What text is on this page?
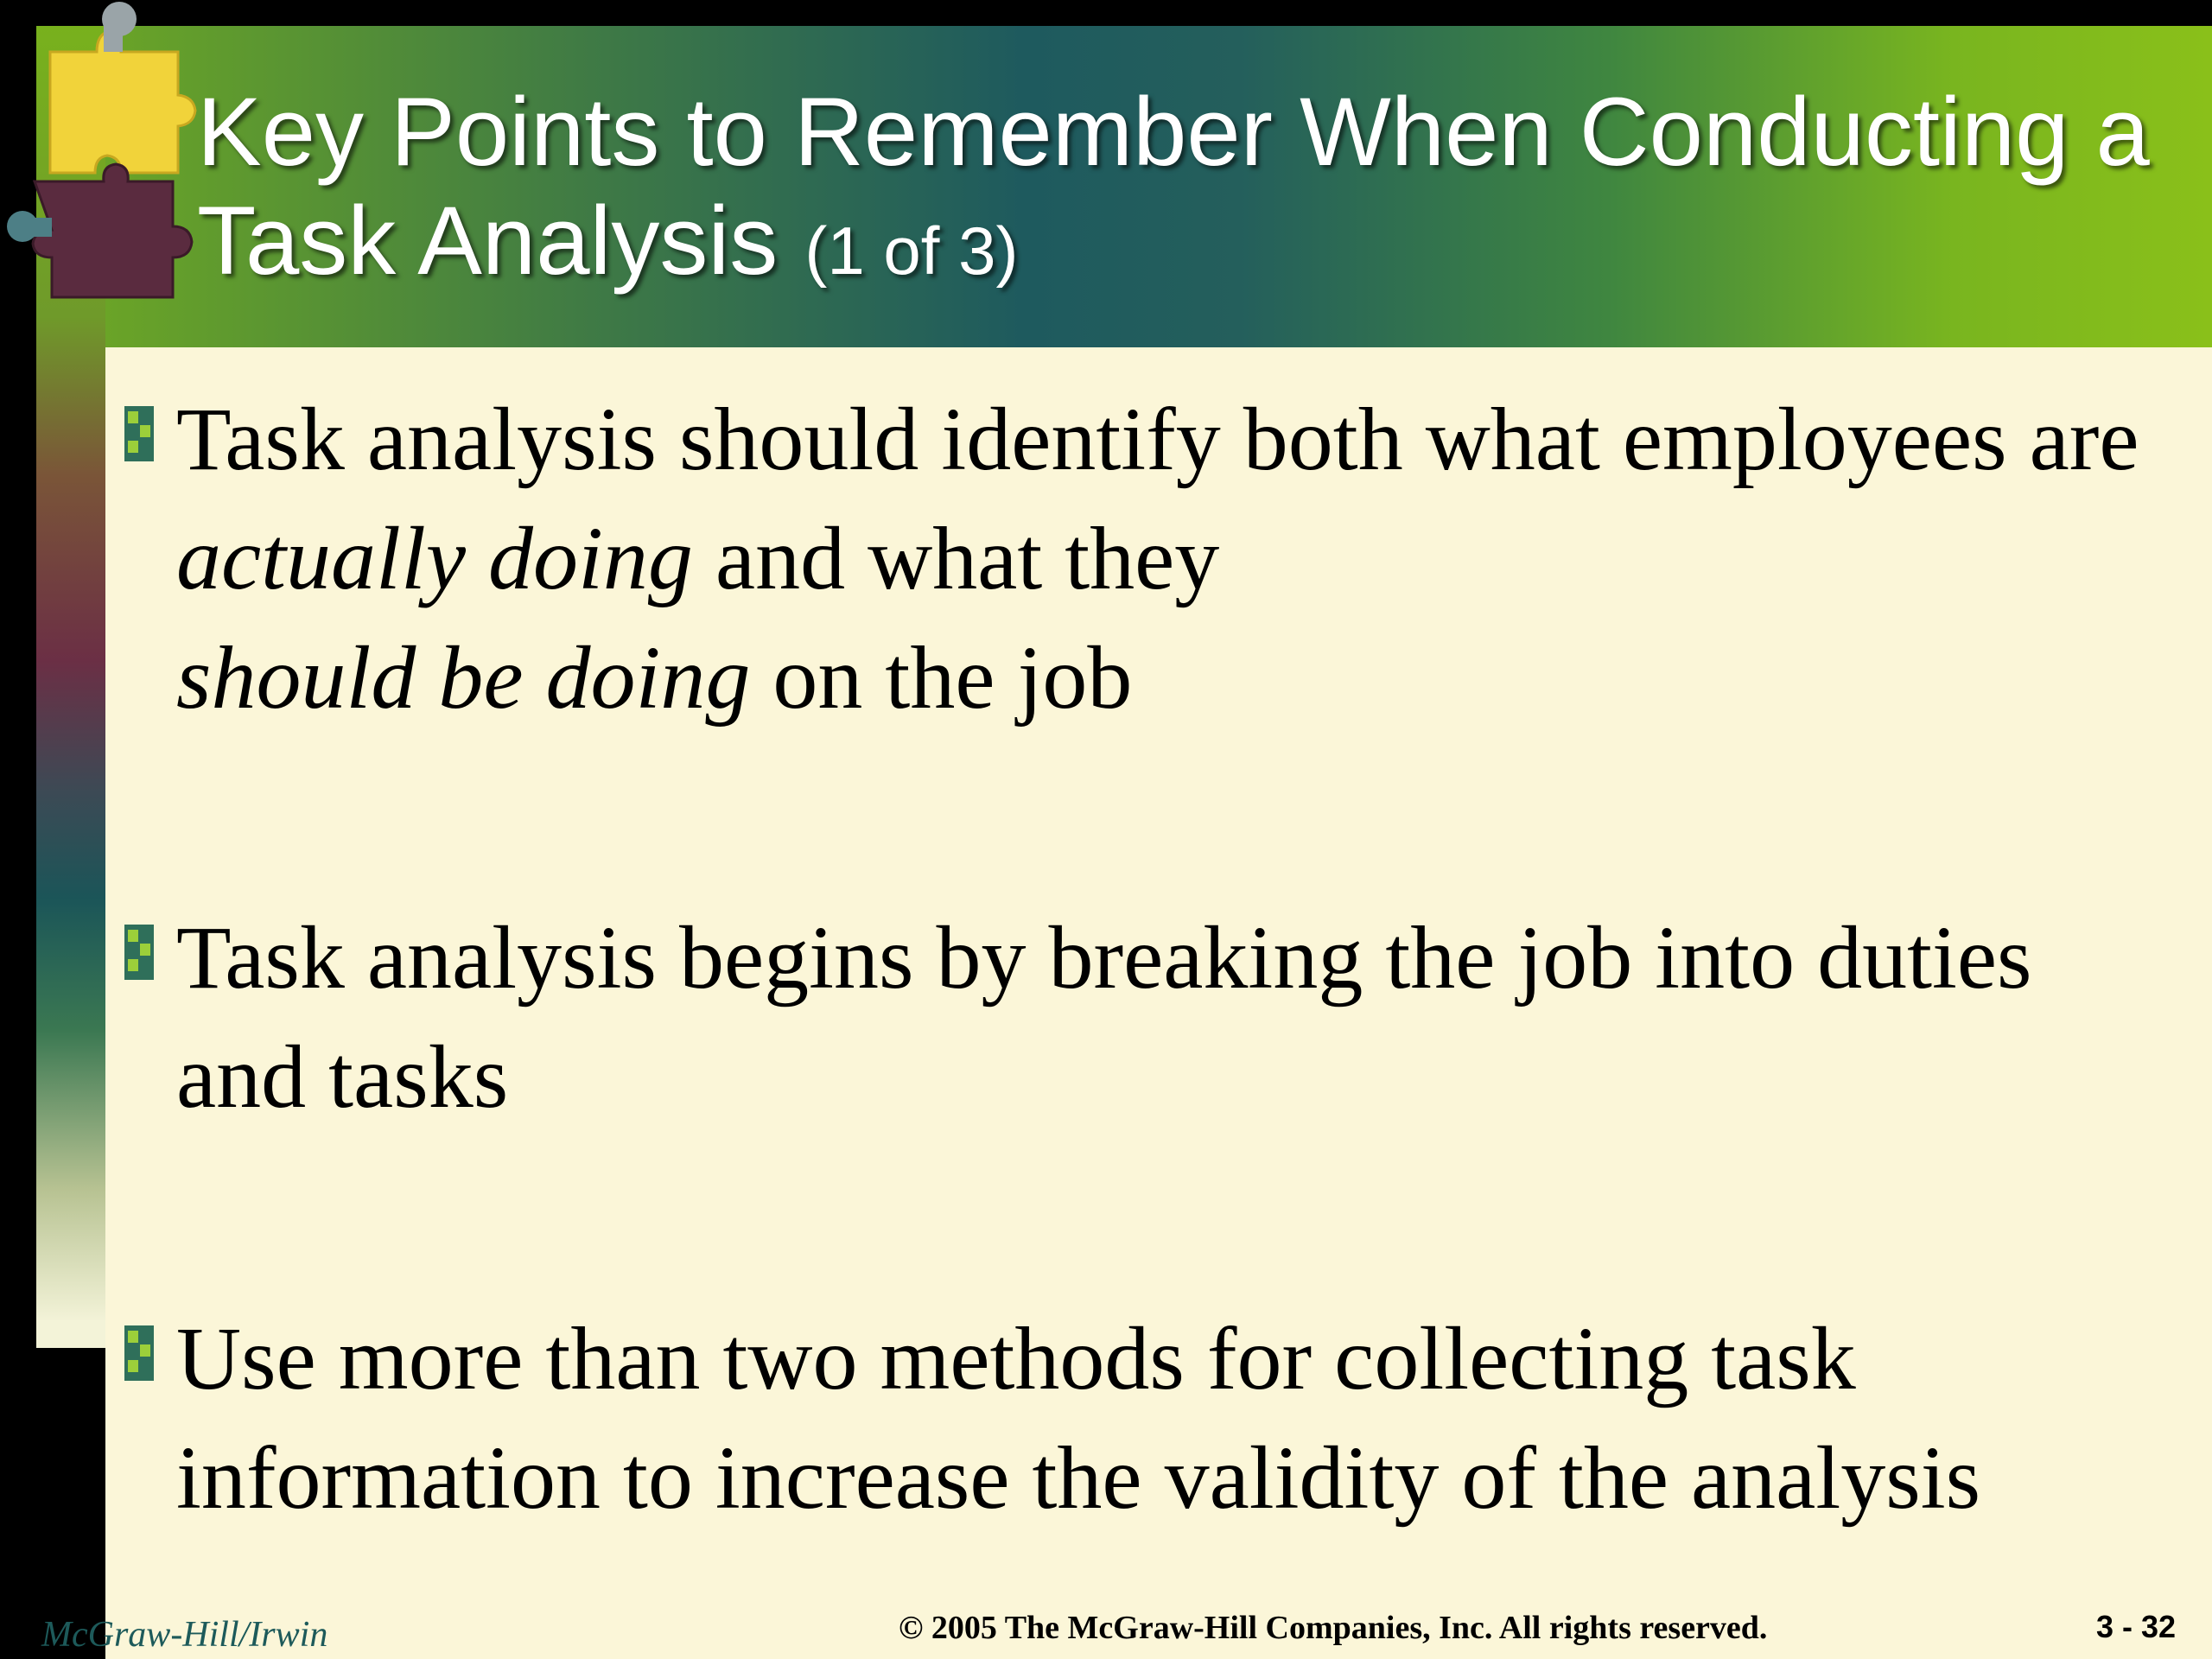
Key Points to Remember When Conducting a Task Analysis (1 of 3)
Task analysis should identify both what employees are actually doing and what they
should be doing on the job
Task analysis begins by breaking the job into duties and tasks
Use more than two methods for collecting task information to increase the validity of the analysis
McGraw-Hill/Irwin	© 2005 The McGraw-Hill Companies, Inc. All rights reserved.	3 - 32
